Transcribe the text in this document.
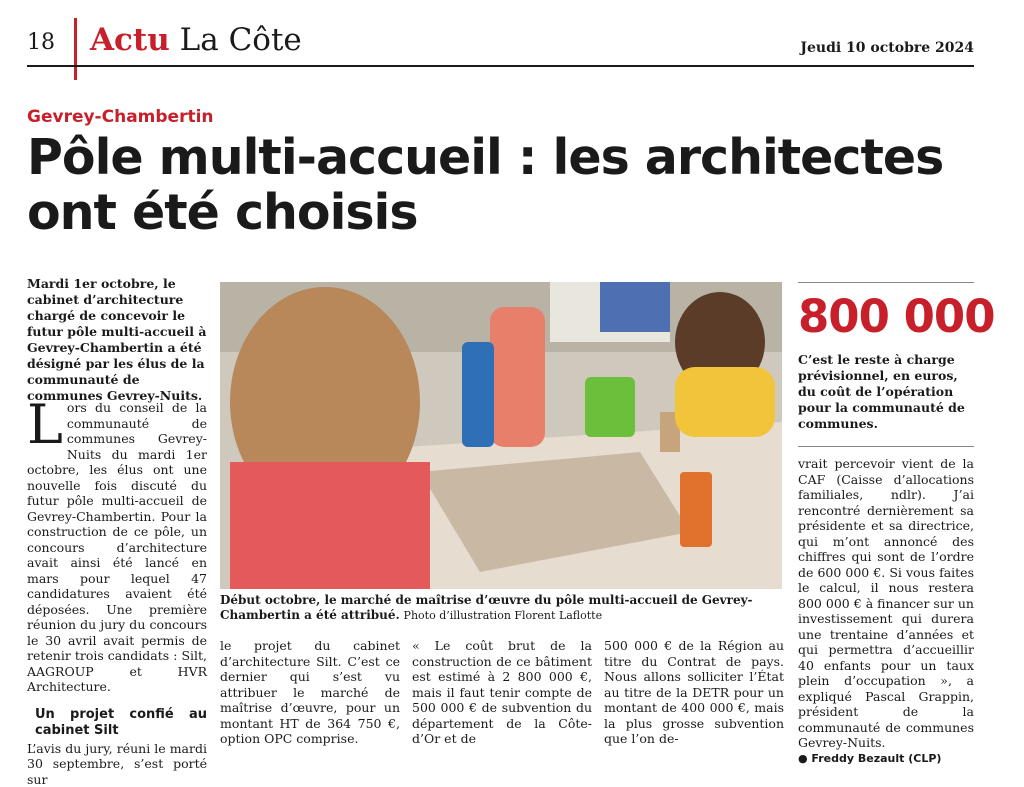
18 Actu La Côte	Jeudi 10 octobre 2024
Gevrey-Chambertin
Pôle multi-accueil : les architectes ont été choisis
Mardi 1er octobre, le cabinet d’architecture chargé de concevoir le futur pôle multi-accueil à Gevrey-Chambertin a été désigné par les élus de la communauté de communes Gevrey-Nuits.

Lors du conseil de la communauté de communes Gevrey-Nuits du mardi 1er octobre, les élus ont une nouvelle fois discuté du futur pôle multi-accueil de Gevrey-Chambertin. Pour la construction de ce pôle, un concours d’architecture avait ainsi été lancé en mars pour lequel 47 candidatures avaient été déposées. Une première réunion du jury du concours le 30 avril avait permis de retenir trois candidats : Silt, AAGROUP et HVR Architecture.

Un projet confié au cabinet Silt

L’avis du jury, réuni le mardi 30 septembre, s’est porté sur

Début octobre, le marché de maîtrise d’œuvre du pôle multi-accueil de Gevrey-Chambertin a été attribué. Photo d’illustration Florent Laflotte

le projet du cabinet d’architecture Silt. C’est ce dernier qui s’est vu attribuer le marché de maîtrise d’œuvre, pour un montant HT de 364 750 €, option OPC comprise.

« Le coût brut de la construction de ce bâtiment est estimé à 2 800 000 €, mais il faut tenir compte de 500 000 € de subvention du département de la Côte-d’Or et de

500 000 € de la Région au titre du Contrat de pays. Nous allons solliciter l’État au titre de la DETR pour un montant de 400 000 €, mais la plus grosse subvention que l’on de-

800 000
C’est le reste à charge prévisionnel, en euros, du coût de l’opération pour la communauté de communes.

vrait percevoir vient de la CAF (Caisse d’allocations familiales, ndlr). J’ai rencontré dernièrement sa présidente et sa directrice, qui m’ont annoncé des chiffres qui sont de l’ordre de 600 000 €. Si vous faites le calcul, il nous restera 800 000 € à financer sur un investissement qui durera une trentaine d’années et qui permettra d’accueillir 40 enfants pour un taux plein d’occupation », a expliqué Pascal Grappin, président de la communauté de communes Gevrey-Nuits.

● Freddy Bezault (CLP)
